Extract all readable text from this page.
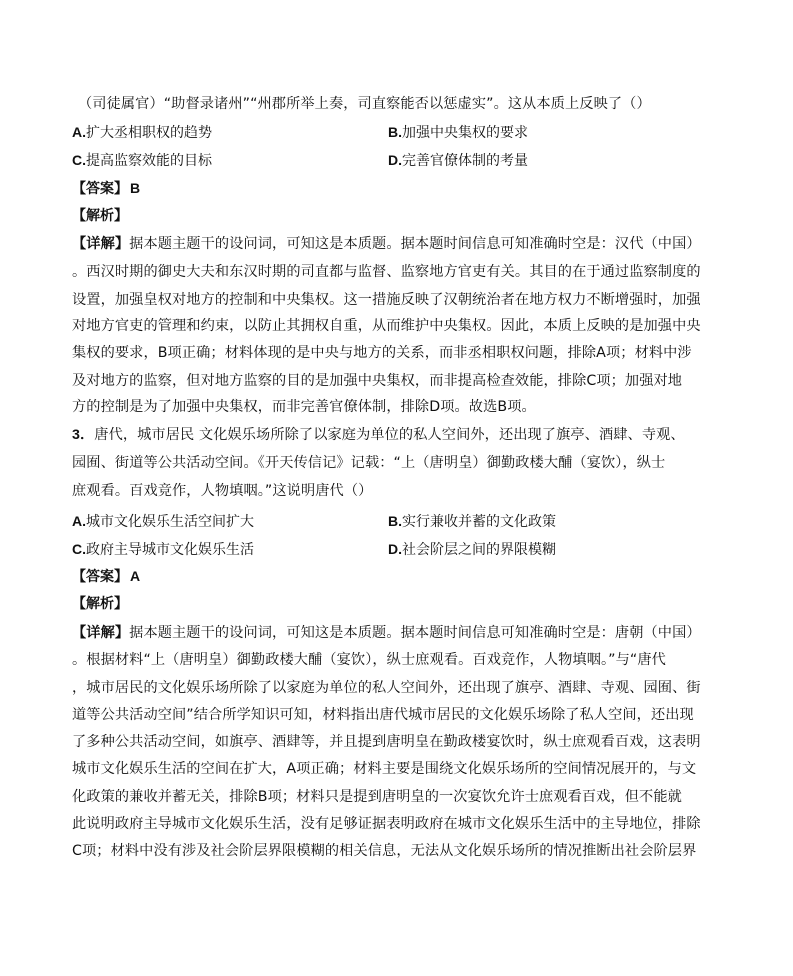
（司徒属官）“助督录诸州”“州郡所举上奏，司直察能否以惩虚实”。这从本质上反映了（）
A.扩大丞相职权的趋势	B.加强中央集权的要求
C.提高监察效能的目标	D.完善官僚体制的考量
【答案】 B
【解析】
【详解】据本题主题干的设问词，可知这是本质题。据本题时间信息可知准确时空是：汉代（中国）
。西汉时期的御史大夫和东汉时期的司直都与监督、监察地方官吏有关。其目的在于通过监察制度的
设置，加强皇权对地方的控制和中央集权。这一措施反映了汉朝统治者在地方权力不断增强时，加强
对地方官吏的管理和约束，以防止其拥权自重，从而维护中央集权。因此，本质上反映的是加强中央
集权的要求，B项正确；材料体现的是中央与地方的关系，而非丞相职权问题，排除A项；材料中涉
及对地方的监察，但对地方监察的目的是加强中央集权，而非提高检查效能，排除C项；加强对地
方的控制是为了加强中央集权，而非完善官僚体制，排除D项。故选B项。
3．唐代，城市居民 文化娱乐场所除了以家庭为单位的私人空间外，还出现了旗亭、酒肆、寺观、
园囿、街道等公共活动空间。《开天传信记》记载：“上（唐明皇）御勤政楼大酺（宴饮），纵士
庶观看。百戏竞作，人物填咽。”这说明唐代（）
A.城市文化娱乐生活空间扩大	B.实行兼收并蓄的文化政策
C.政府主导城市文化娱乐生活	D.社会阶层之间的界限模糊
【答案】 A
【解析】
【详解】据本题主题干的设问词，可知这是本质题。据本题时间信息可知准确时空是：唐朝（中国）
。根据材料“上（唐明皇）御勤政楼大酺（宴饮），纵士庶观看。百戏竞作，人物填咽。”与“唐代
，城市居民的文化娱乐场所除了以家庭为单位的私人空间外，还出现了旗亭、酒肆、寺观、园囿、街
道等公共活动空间”结合所学知识可知，材料指出唐代城市居民的文化娱乐场除了私人空间，还出现
了多种公共活动空间，如旗亭、酒肆等，并且提到唐明皇在勤政楼宴饮时，纵士庶观看百戏，这表明
城市文化娱乐生活的空间在扩大，A项正确；材料主要是围绕文化娱乐场所的空间情况展开的，与文
化政策的兼收并蓄无关，排除B项；材料只是提到唐明皇的一次宴饮允许士庶观看百戏，但不能就
此说明政府主导城市文化娱乐生活，没有足够证据表明政府在城市文化娱乐生活中的主导地位，排除
C项；材料中没有涉及社会阶层界限模糊的相关信息，无法从文化娱乐场所的情况推断出社会阶层界
